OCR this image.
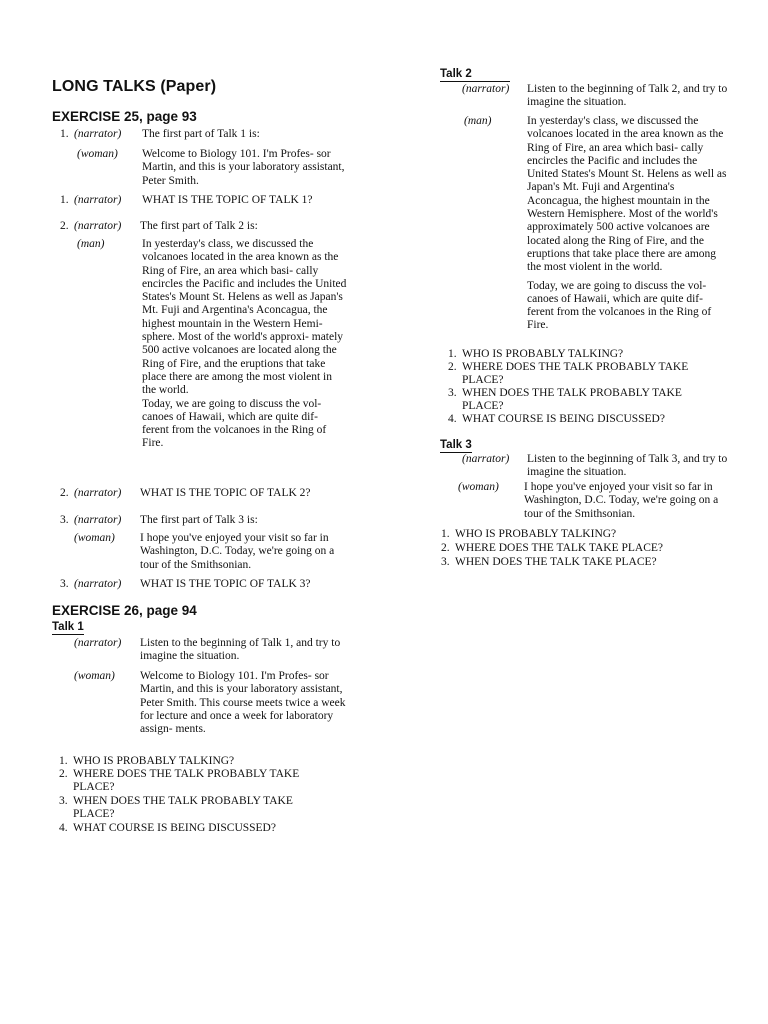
LONG TALKS (Paper)
EXERCISE 25, page 93
1. (narrator) The first part of Talk 1 is:
(woman) Welcome to Biology 101. I'm Profes- sor Martin, and this is your laboratory assistant, Peter Smith.
1. (narrator) WHAT IS THE TOPIC OF TALK 1?
2. (narrator) The first part of Talk 2 is:
(man)	In yesterday's class, we discussed the volcanoes located in the area known as the Ring of Fire, an area which basi- cally encircles the Pacific and includes the United States's Mount St. Helens as well as Japan's Mt. Fuji and Argentina's Aconcagua, the highest mountain in the Western Hemi- sphere. Most of the world's approxi- mately 500 active volcanoes are located along the Ring of Fire, and the eruptions that take place there are among the most violent in the world.

Today, we are going to discuss the vol- canoes of Hawaii, which are quite dif- ferent from the volcanoes in the Ring of Fire.

2. (narrator) WHAT IS THE TOPIC OF TALK 2?
3. (narrator) The first part of Talk 3 is:
(woman) I hope you've enjoyed your visit so far in Washington, D.C. Today, we're going on a tour of the Smithsonian.
3. (narrator) WHAT IS THE TOPIC OF TALK 3?
EXERCISE 26, page 94
Talk 1
(narrator) Listen to the beginning of Talk 1, and try to imagine the situation.
(woman) Welcome to Biology 101. I'm Profes- sor Martin, and this is your laboratory assistant, Peter Smith. This course meets twice a week for lecture and once a week for laboratory assign- ments.
1. WHO IS PROBABLY TALKING?
2. WHERE DOES THE TALK PROBABLY TAKE PLACE?
3. WHEN DOES THE TALK PROBABLY TAKE PLACE?
4. WHAT COURSE IS BEING DISCUSSED?
Talk 2
(narrator) Listen to the beginning of Talk 2, and try to imagine the situation.
(man)	In yesterday's class, we discussed the volcanoes located in the area known as the Ring of Fire, an area which basi- cally encircles the Pacific and includes the United States's Mount St. Helens as well as Japan's Mt. Fuji and Argentina's Aconcagua, the highest mountain in the Western Hemisphere. Most of the world's approximately 500 active volcanoes are located along the Ring of Fire, and the eruptions that take place there are among the most violent in the world.

Today, we are going to discuss the vol- canoes of Hawaii, which are quite dif- ferent from the volcanoes in the Ring of Fire.

1. WHO IS PROBABLY TALKING?
2. WHERE DOES THE TALK PROBABLY TAKE PLACE?
3. WHEN DOES THE TALK PROBABLY TAKE PLACE?
4. WHAT COURSE IS BEING DISCUSSED?
Talk 3
(narrator) Listen to the beginning of Talk 3, and try to imagine the situation.
(woman) I hope you've enjoyed your visit so far in Washington, D.C. Today, we're going on a tour of the Smithsonian.
1. WHO IS PROBABLY TALKING?
2. WHERE DOES THE TALK TAKE PLACE?
3. WHEN DOES THE TALK TAKE PLACE?
